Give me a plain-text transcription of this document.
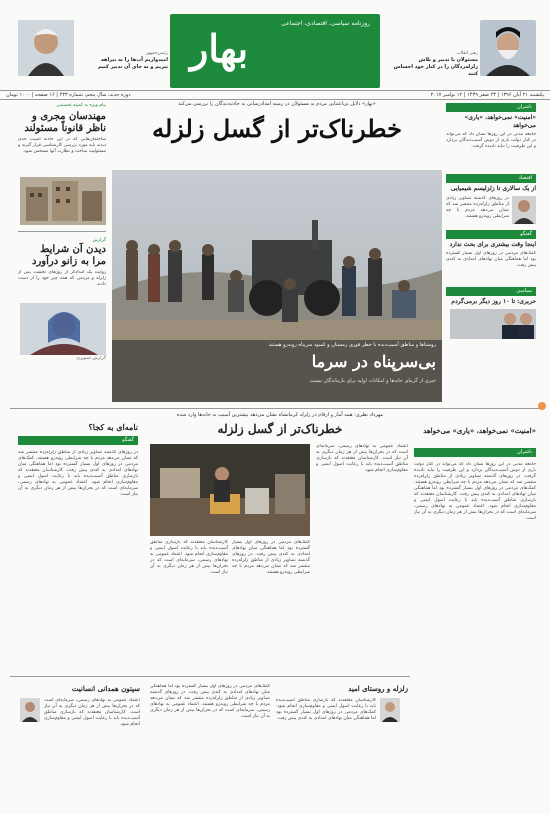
روزنامه سیاسی، اقتصادی، اجتماعی
بهار
رئیس‌جمهور
امیدواریم آب‌ها را به بیراهه
نبریم و به جای آن تدبیر کنیم
رهبر انقلاب
مسئولان با تدبیر و تلاش
زلزله‌زدگان را در کنار خود احساس کنند
یکشنبه ۲۱ آبان ۱۳۹۶ | ۲۳ صفر ۱۴۳۹ | ۱۲ نوامبر ۲۰۱۷
دوره جدید، سال پنجم، شماره ۴۳۳ | ۱۶ صفحه | ۱۰۰۰ تومان
«بهار» دلایل بی‌اعتنایی مردم به مسئولان در زمینه امدادرسانی به حادثه‌دیدگان را بررسی می‌کند
خطرناک‌تر از گسل زلزله
روستاها و مناطق آسیب‌دیده با خطر فوری زمستان و کمبود سرپناه روبه‌رو هستند
بی‌سرپناه در سرما
خبری از گرمای خانه‌ها و امکانات اولیه برای بازماندگان نیست
پیام ویژه به کمیته تخصصی
مهندسان مجری و
ناظر قانوناً مسئولند
ساختمان‌هایی که در این حادثه آسیب جدی دیدند باید مورد بررسی کارشناسی قرار گیرند و مسئولیت ساخت و نظارت آنها مشخص شود.
گزارش
دیدن آن شرایط
مرا به زانو درآورد
روایت یک امدادگر از روزهای نخست پس از زلزله و مردمی که همه چیز خود را از دست دادند.
گزارش تصویری
ناشران
«امنیت» نمی‌خواهد، «یاری» می‌خواهد
جامعه مدنی در این روزها نشان داد که می‌تواند در کنار دولت باری از دوش آسیب‌دیدگان بردارد و این ظرفیت را نباید نادیده گرفت.
اقتصاد
از یک سالاری تا زلزلیسم شیمیایی
در روزهای گذشته تصاویر زیادی از مناطق زلزله‌زده منتشر شد که نشان می‌دهد مردم با چه شرایطی روبه‌رو هستند.
گفتگو
اینجا وقت بیشتری برای بحث ندارد
کمک‌های مردمی در روزهای اول بسیار گسترده بود اما هماهنگی میان نهادهای امدادی به کندی پیش رفت.
سیاسی
حریری: تا ۱۰ روز دیگر برمی‌گردم
مهرداد نظری: همه آمار و ارقام در زلزله کرمانشاه نشان می‌دهد بیشترین آسیب به خانه‌ها وارد شده
خطرناک‌تر از گسل زلزله
نامه‌ای به کجا؟
گفتگو
در روزهای گذشته تصاویر زیادی از مناطق زلزله‌زده منتشر شد که نشان می‌دهد مردم با چه شرایطی روبه‌رو هستند. کمک‌های مردمی در روزهای اول بسیار گسترده بود اما هماهنگی میان نهادهای امدادی به کندی پیش رفت. کارشناسان معتقدند که بازسازی مناطق آسیب‌دیده باید با رعایت اصول ایمنی و مقاوم‌سازی انجام شود. اعتماد عمومی به نهادهای رسمی، سرمایه‌ای است که در بحران‌ها بیش از هر زمان دیگری به آن نیاز است.
کارشناسان معتقدند که بازسازی مناطق آسیب‌دیده باید با رعایت اصول ایمنی و مقاوم‌سازی انجام شود. اعتماد عمومی به نهادهای رسمی، سرمایه‌ای است که در بحران‌ها بیش از هر زمان دیگری به آن نیاز است.
کمک‌های مردمی در روزهای اول بسیار گسترده بود اما هماهنگی میان نهادهای امدادی به کندی پیش رفت. در روزهای گذشته تصاویر زیادی از مناطق زلزله‌زده منتشر شد که نشان می‌دهد مردم با چه شرایطی روبه‌رو هستند.
اعتماد عمومی به نهادهای رسمی، سرمایه‌ای است که در بحران‌ها بیش از هر زمان دیگری به آن نیاز است. کارشناسان معتقدند که بازسازی مناطق آسیب‌دیده باید با رعایت اصول ایمنی و مقاوم‌سازی انجام شود.
«امنیت» نمی‌خواهد، «یاری» می‌خواهد
ناشران
جامعه مدنی در این روزها نشان داد که می‌تواند در کنار دولت باری از دوش آسیب‌دیدگان بردارد و این ظرفیت را نباید نادیده گرفت. در روزهای گذشته تصاویر زیادی از مناطق زلزله‌زده منتشر شد که نشان می‌دهد مردم با چه شرایطی روبه‌رو هستند. کمک‌های مردمی در روزهای اول بسیار گسترده بود اما هماهنگی میان نهادهای امدادی به کندی پیش رفت. کارشناسان معتقدند که بازسازی مناطق آسیب‌دیده باید با رعایت اصول ایمنی و مقاوم‌سازی انجام شود. اعتماد عمومی به نهادهای رسمی، سرمایه‌ای است که در بحران‌ها بیش از هر زمان دیگری به آن نیاز است.
سپتون همدانی انسانیت
اعتماد عمومی به نهادهای رسمی، سرمایه‌ای است که در بحران‌ها بیش از هر زمان دیگری به آن نیاز است. کارشناسان معتقدند که بازسازی مناطق آسیب‌دیده باید با رعایت اصول ایمنی و مقاوم‌سازی انجام شود.
کمک‌های مردمی در روزهای اول بسیار گسترده بود اما هماهنگی میان نهادهای امدادی به کندی پیش رفت. در روزهای گذشته تصاویر زیادی از مناطق زلزله‌زده منتشر شد که نشان می‌دهد مردم با چه شرایطی روبه‌رو هستند. اعتماد عمومی به نهادهای رسمی، سرمایه‌ای است که در بحران‌ها بیش از هر زمان دیگری به آن نیاز است.
زلزله و روستای امید
کارشناسان معتقدند که بازسازی مناطق آسیب‌دیده باید با رعایت اصول ایمنی و مقاوم‌سازی انجام شود. کمک‌های مردمی در روزهای اول بسیار گسترده بود اما هماهنگی میان نهادهای امدادی به کندی پیش رفت.
